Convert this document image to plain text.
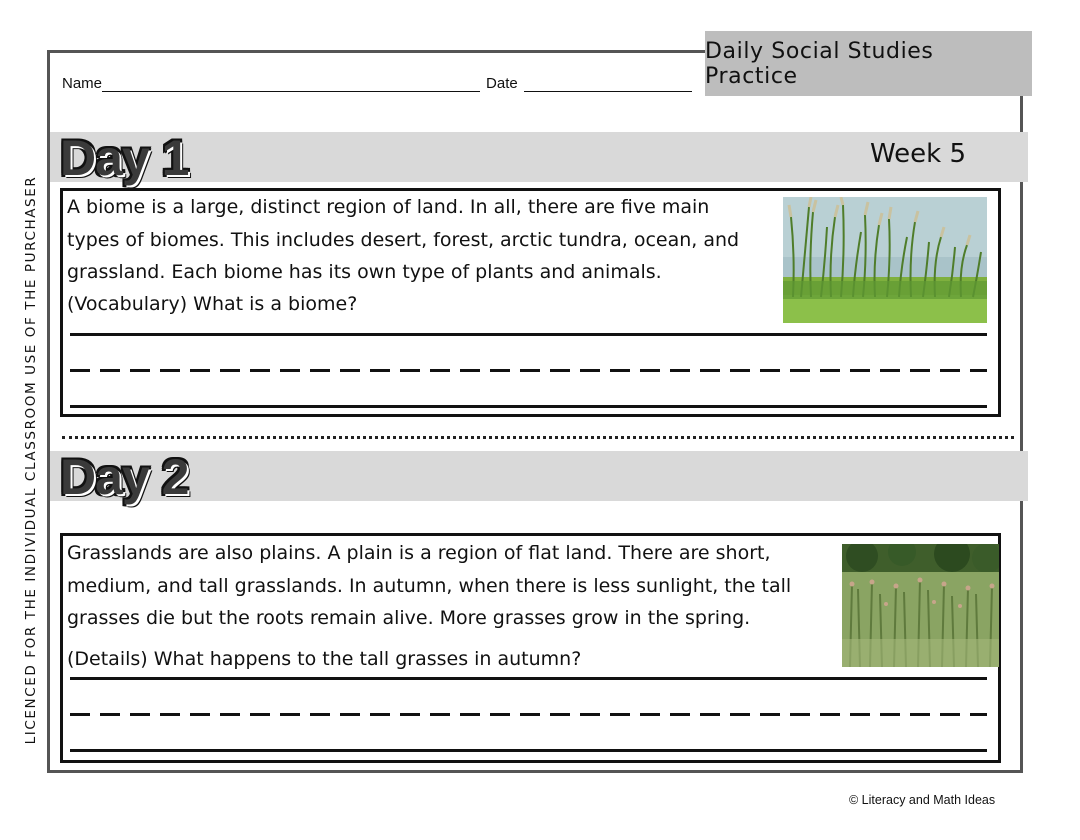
LICENCED FOR THE INDIVIDUAL CLASSROOM USE OF THE PURCHASER
Daily Social Studies Practice
Name	Date
Day 1	Week 5
A biome is a large, distinct region of land. In all, there are five main types of biomes. This includes desert, forest, arctic tundra, ocean, and grassland. Each biome has its own type of plants and animals.
(Vocabulary) What is a biome?
Day 2
Grasslands are also plains. A plain is a region of flat land. There are short, medium, and tall grasslands. In autumn, when there is less sunlight, the tall grasses die but the roots remain alive. More grasses grow in the spring.
(Details) What happens to the tall grasses in autumn?
© Literacy and Math Ideas
